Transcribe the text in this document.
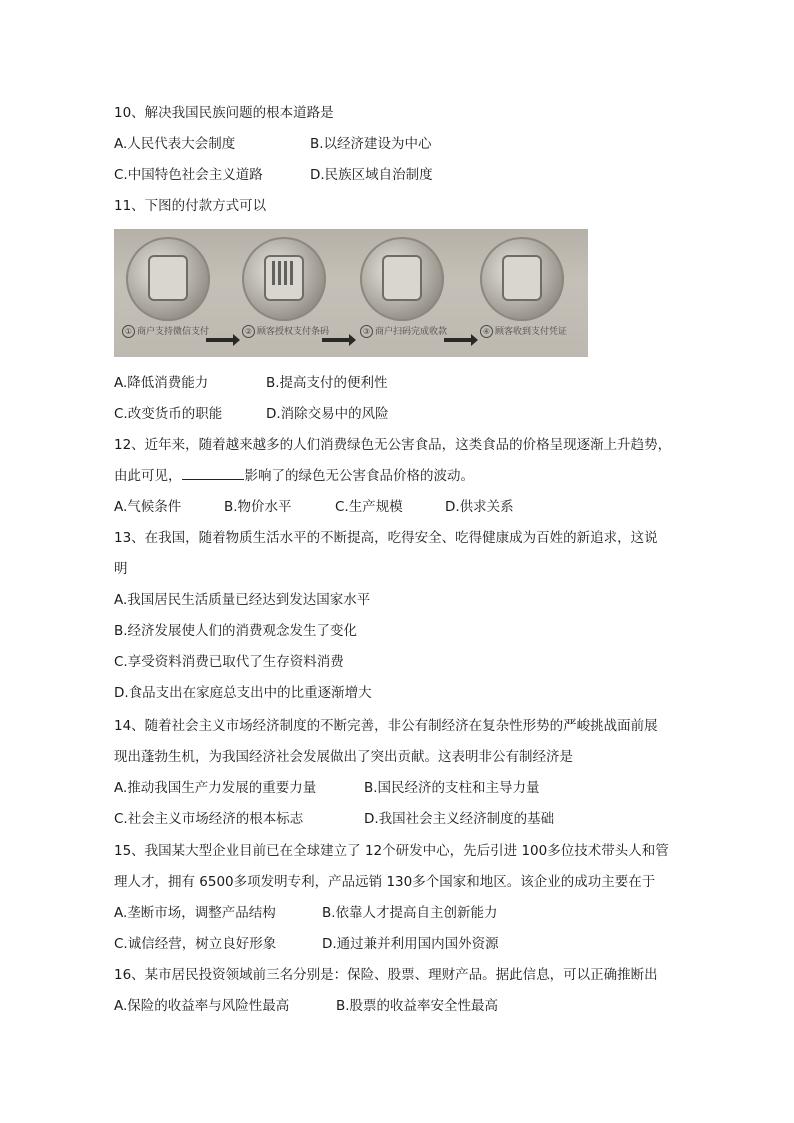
10、解决我国民族问题的根本道路是
A.人民代表大会制度	B.以经济建设为中心
C.中国特色社会主义道路	D.民族区域自治制度
11、下图的付款方式可以
① 商户支持微信支付	② 顾客授权支付条码	③ 商户扫码完成收款	④ 顾客收到支付凭证
A.降低消费能力	B.提高支付的便利性
C.改变货币的职能	D.消除交易中的风险
12、近年来，随着越来越多的人们消费绿色无公害食品，这类食品的价格呈现逐渐上升趋势，
由此可见，	影响了的绿色无公害食品价格的波动。
A.气候条件	B.物价水平	C.生产规模	D.供求关系
13、在我国，随着物质生活水平的不断提高，吃得安全、吃得健康成为百姓的新追求，这说
明
A.我国居民生活质量已经达到发达国家水平
B.经济发展使人们的消费观念发生了变化
C.享受资料消费已取代了生存资料消费
D.食品支出在家庭总支出中的比重逐渐增大
14、随着社会主义市场经济制度的不断完善，非公有制经济在复杂性形势的严峻挑战面前展
现出蓬勃生机，为我国经济社会发展做出了突出贡献。这表明非公有制经济是
A.推动我国生产力发展的重要力量	B.国民经济的支柱和主导力量
C.社会主义市场经济的根本标志	D.我国社会主义经济制度的基础
15、我国某大型企业目前已在全球建立了 12个研发中心，先后引进 100多位技术带头人和管
理人才，拥有 6500多项发明专利，产品远销 130多个国家和地区。该企业的成功主要在于
A.垄断市场，调整产品结构	B.依靠人才提高自主创新能力
C.诚信经营，树立良好形象	D.通过兼并利用国内国外资源
16、某市居民投资领域前三名分别是：保险、股票、理财产品。据此信息，可以正确推断出
A.保险的收益率与风险性最高	B.股票的收益率安全性最高
